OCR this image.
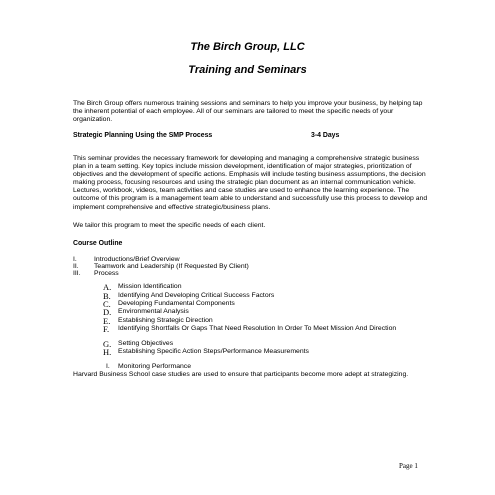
The Birch Group, LLC
Training and Seminars

The Birch Group offers numerous training sessions and seminars to help you improve your business, by helping tap the inherent potential of each employee. All of our seminars are tailored to meet the specific needs of your organization.

Strategic Planning Using the SMP Process	3-4 Days

This seminar provides the necessary framework for developing and managing a comprehensive strategic business plan in a team setting. Key topics include mission development, identification of major strategies, prioritization of objectives and the development of specific actions. Emphasis will include testing business assumptions, the decision making process, focusing resources and using the strategic plan document as an internal communication vehicle. Lectures, workbook, videos, team activities and case studies are used to enhance the learning experience. The outcome of this program is a management team able to understand and successfully use this process to develop and implement comprehensive and effective strategic/business plans.

We tailor this program to meet the specific needs of each client.

Course Outline
I.	Introductions/Brief Overview
II. Teamwork and Leadership (If Requested By Client)
III. Process
A. Mission Identification
B. Identifying And Developing Critical Success Factors
C. Developing Fundamental Components
D. Environmental Analysis
E. Establishing Strategic Direction
F. Identifying Shortfalls Or Gaps That Need Resolution In Order To Meet Mission And Direction
G. Setting Objectives
H. Establishing Specific Action Steps/Performance Measurements
I. Monitoring Performance

Harvard Business School case studies are used to ensure that participants become more adept at strategizing.

Page 1
